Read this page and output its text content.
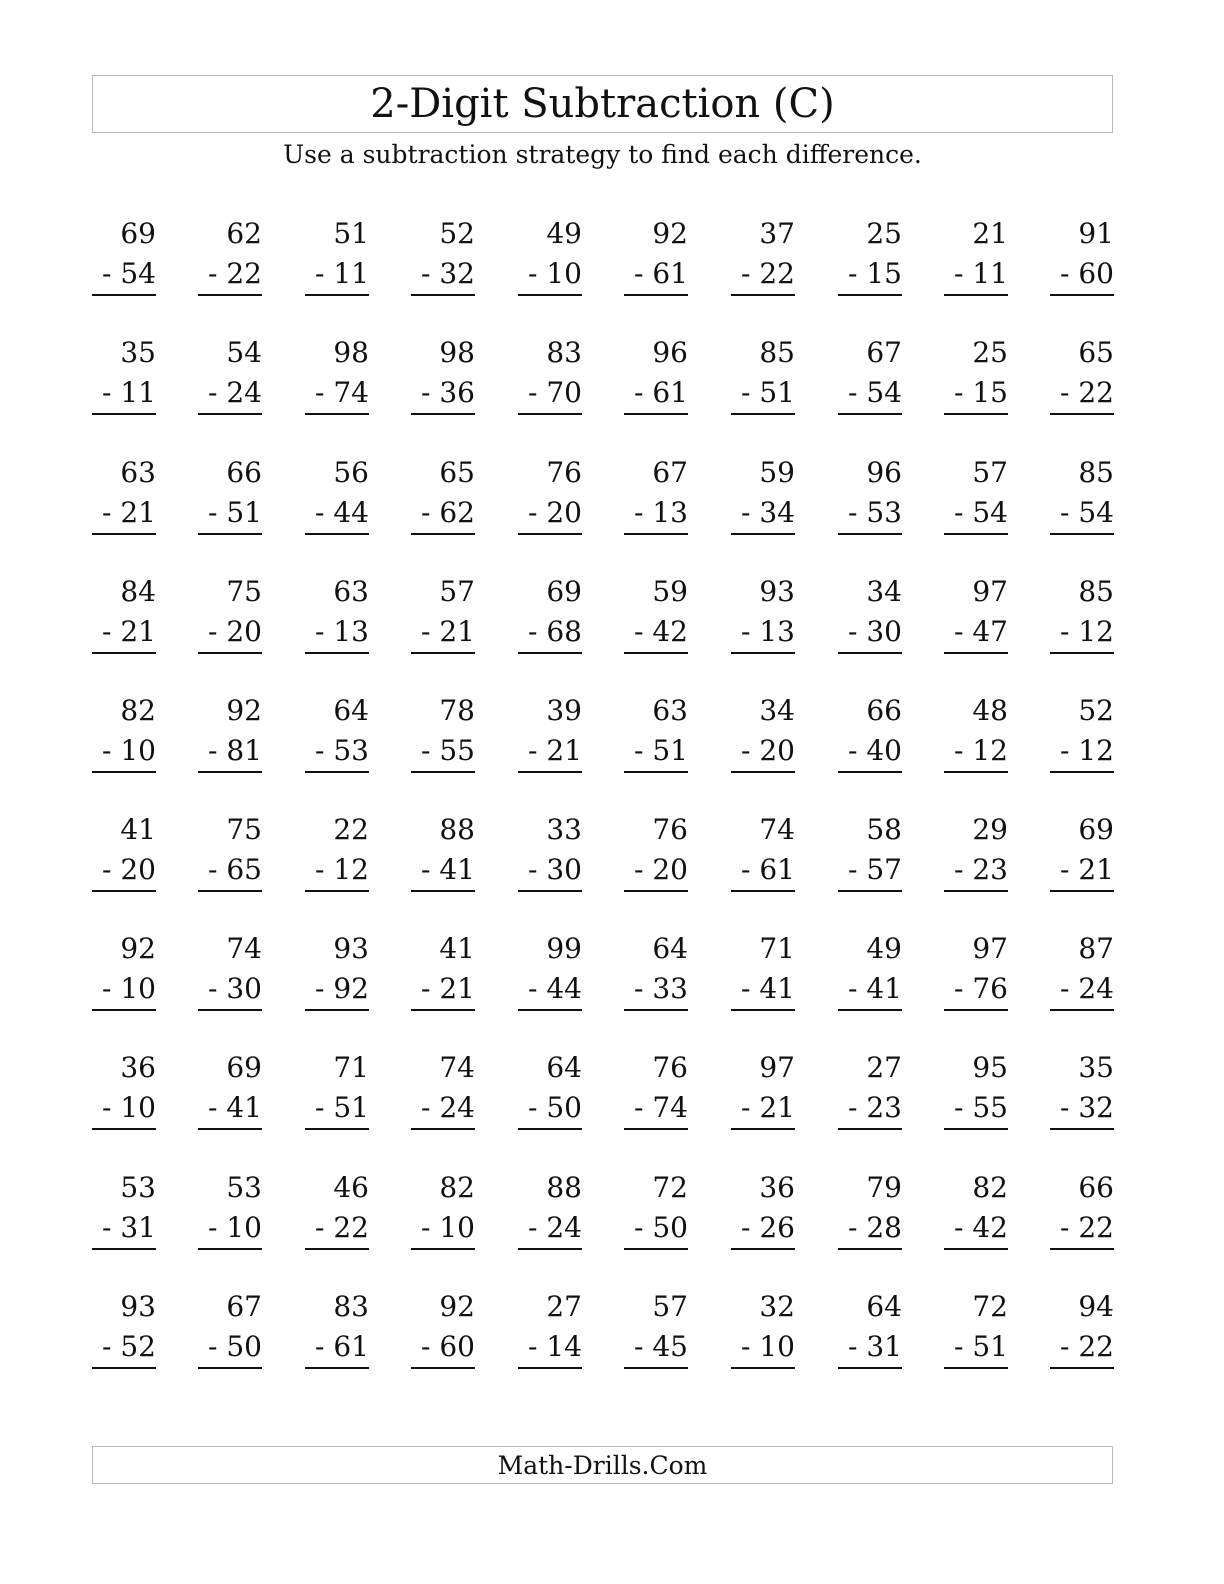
2-Digit Subtraction (C)
Use a subtraction strategy to find each difference.
69
- 54
62
- 22
51
- 11
52
- 32
49
- 10
92
- 61
37
- 22
25
- 15
21
- 11
91
- 60
35
- 11
54
- 24
98
- 74
98
- 36
83
- 70
96
- 61
85
- 51
67
- 54
25
- 15
65
- 22
63
- 21
66
- 51
56
- 44
65
- 62
76
- 20
67
- 13
59
- 34
96
- 53
57
- 54
85
- 54
84
- 21
75
- 20
63
- 13
57
- 21
69
- 68
59
- 42
93
- 13
34
- 30
97
- 47
85
- 12
82
- 10
92
- 81
64
- 53
78
- 55
39
- 21
63
- 51
34
- 20
66
- 40
48
- 12
52
- 12
41
- 20
75
- 65
22
- 12
88
- 41
33
- 30
76
- 20
74
- 61
58
- 57
29
- 23
69
- 21
92
- 10
74
- 30
93
- 92
41
- 21
99
- 44
64
- 33
71
- 41
49
- 41
97
- 76
87
- 24
36
- 10
69
- 41
71
- 51
74
- 24
64
- 50
76
- 74
97
- 21
27
- 23
95
- 55
35
- 32
53
- 31
53
- 10
46
- 22
82
- 10
88
- 24
72
- 50
36
- 26
79
- 28
82
- 42
66
- 22
93
- 52
67
- 50
83
- 61
92
- 60
27
- 14
57
- 45
32
- 10
64
- 31
72
- 51
94
- 22
Math-Drills.Com
